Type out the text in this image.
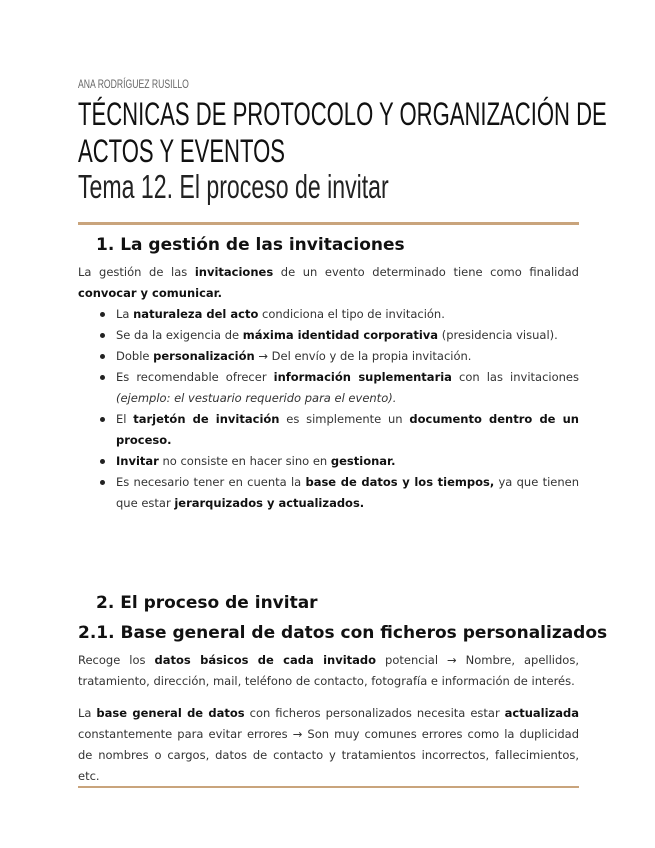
ANA RODRÍGUEZ RUSILLO
TÉCNICAS DE PROTOCOLO Y ORGANIZACIÓN DE
ACTOS Y EVENTOS
Tema 12. El proceso de invitar
1. La gestión de las invitaciones

La gestión de las invitaciones de un evento determinado tiene como finalidad convocar y comunicar.

La naturaleza del acto condiciona el tipo de invitación.
Se da la exigencia de máxima identidad corporativa (presidencia visual).
Doble personalización → Del envío y de la propia invitación.
Es recomendable ofrecer información suplementaria con las invitaciones (ejemplo: el vestuario requerido para el evento).
El tarjetón de invitación es simplemente un documento dentro de un proceso.
Invitar no consiste en hacer sino en gestionar.
Es necesario tener en cuenta la base de datos y los tiempos, ya que tienen que estar jerarquizados y actualizados.
2. El proceso de invitar
2.1. Base general de datos con ficheros personalizados
Recoge los datos básicos de cada invitado potencial → Nombre, apellidos, tratamiento, dirección, mail, teléfono de contacto, fotografía e información de interés.
La base general de datos con ficheros personalizados necesita estar actualizada constantemente para evitar errores → Son muy comunes errores como la duplicidad de nombres o cargos, datos de contacto y tratamientos incorrectos, fallecimientos, etc.
